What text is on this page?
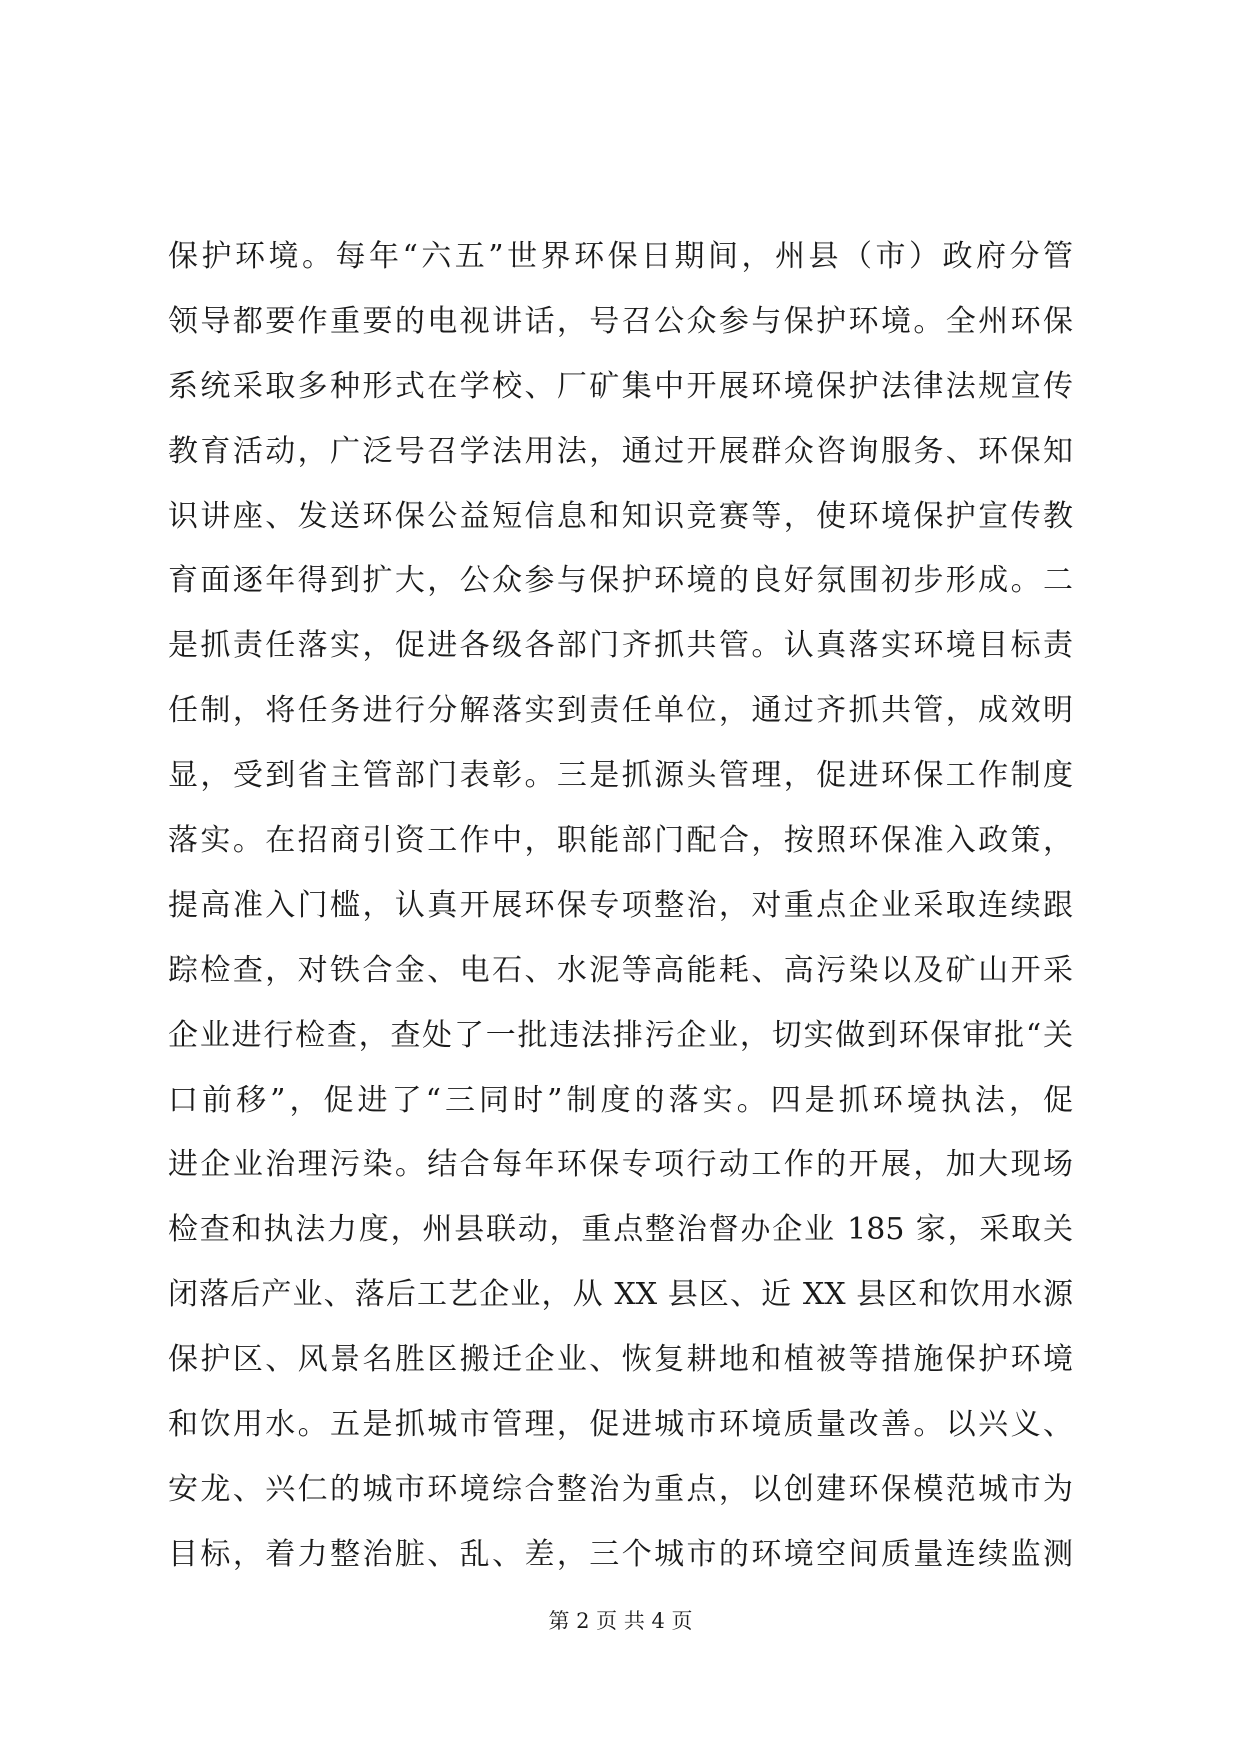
保护环境。每年“六五”世界环保日期间，州县（市）政府分管
领导都要作重要的电视讲话，号召公众参与保护环境。全州环保
系统采取多种形式在学校、厂矿集中开展环境保护法律法规宣传
教育活动，广泛号召学法用法，通过开展群众咨询服务、环保知
识讲座、发送环保公益短信息和知识竞赛等，使环境保护宣传教
育面逐年得到扩大，公众参与保护环境的良好氛围初步形成。二
是抓责任落实，促进各级各部门齐抓共管。认真落实环境目标责
任制，将任务进行分解落实到责任单位，通过齐抓共管，成效明
显，受到省主管部门表彰。三是抓源头管理，促进环保工作制度
落实。在招商引资工作中，职能部门配合，按照环保准入政策，
提高准入门槛，认真开展环保专项整治，对重点企业采取连续跟
踪检查，对铁合金、电石、水泥等高能耗、高污染以及矿山开采
企业进行检查，查处了一批违法排污企业，切实做到环保审批“关
口前移”，促进了“三同时”制度的落实。四是抓环境执法，促
进企业治理污染。结合每年环保专项行动工作的开展，加大现场
检查和执法力度，州县联动，重点整治督办企业 185 家，采取关
闭落后产业、落后工艺企业，从 XX 县区、近 XX 县区和饮用水源
保护区、风景名胜区搬迁企业、恢复耕地和植被等措施保护环境
和饮用水。五是抓城市管理，促进城市环境质量改善。以兴义、
安龙、兴仁的城市环境综合整治为重点，以创建环保模范城市为
目标，着力整治脏、乱、差，三个城市的环境空间质量连续监测
第 2 页 共 4 页
